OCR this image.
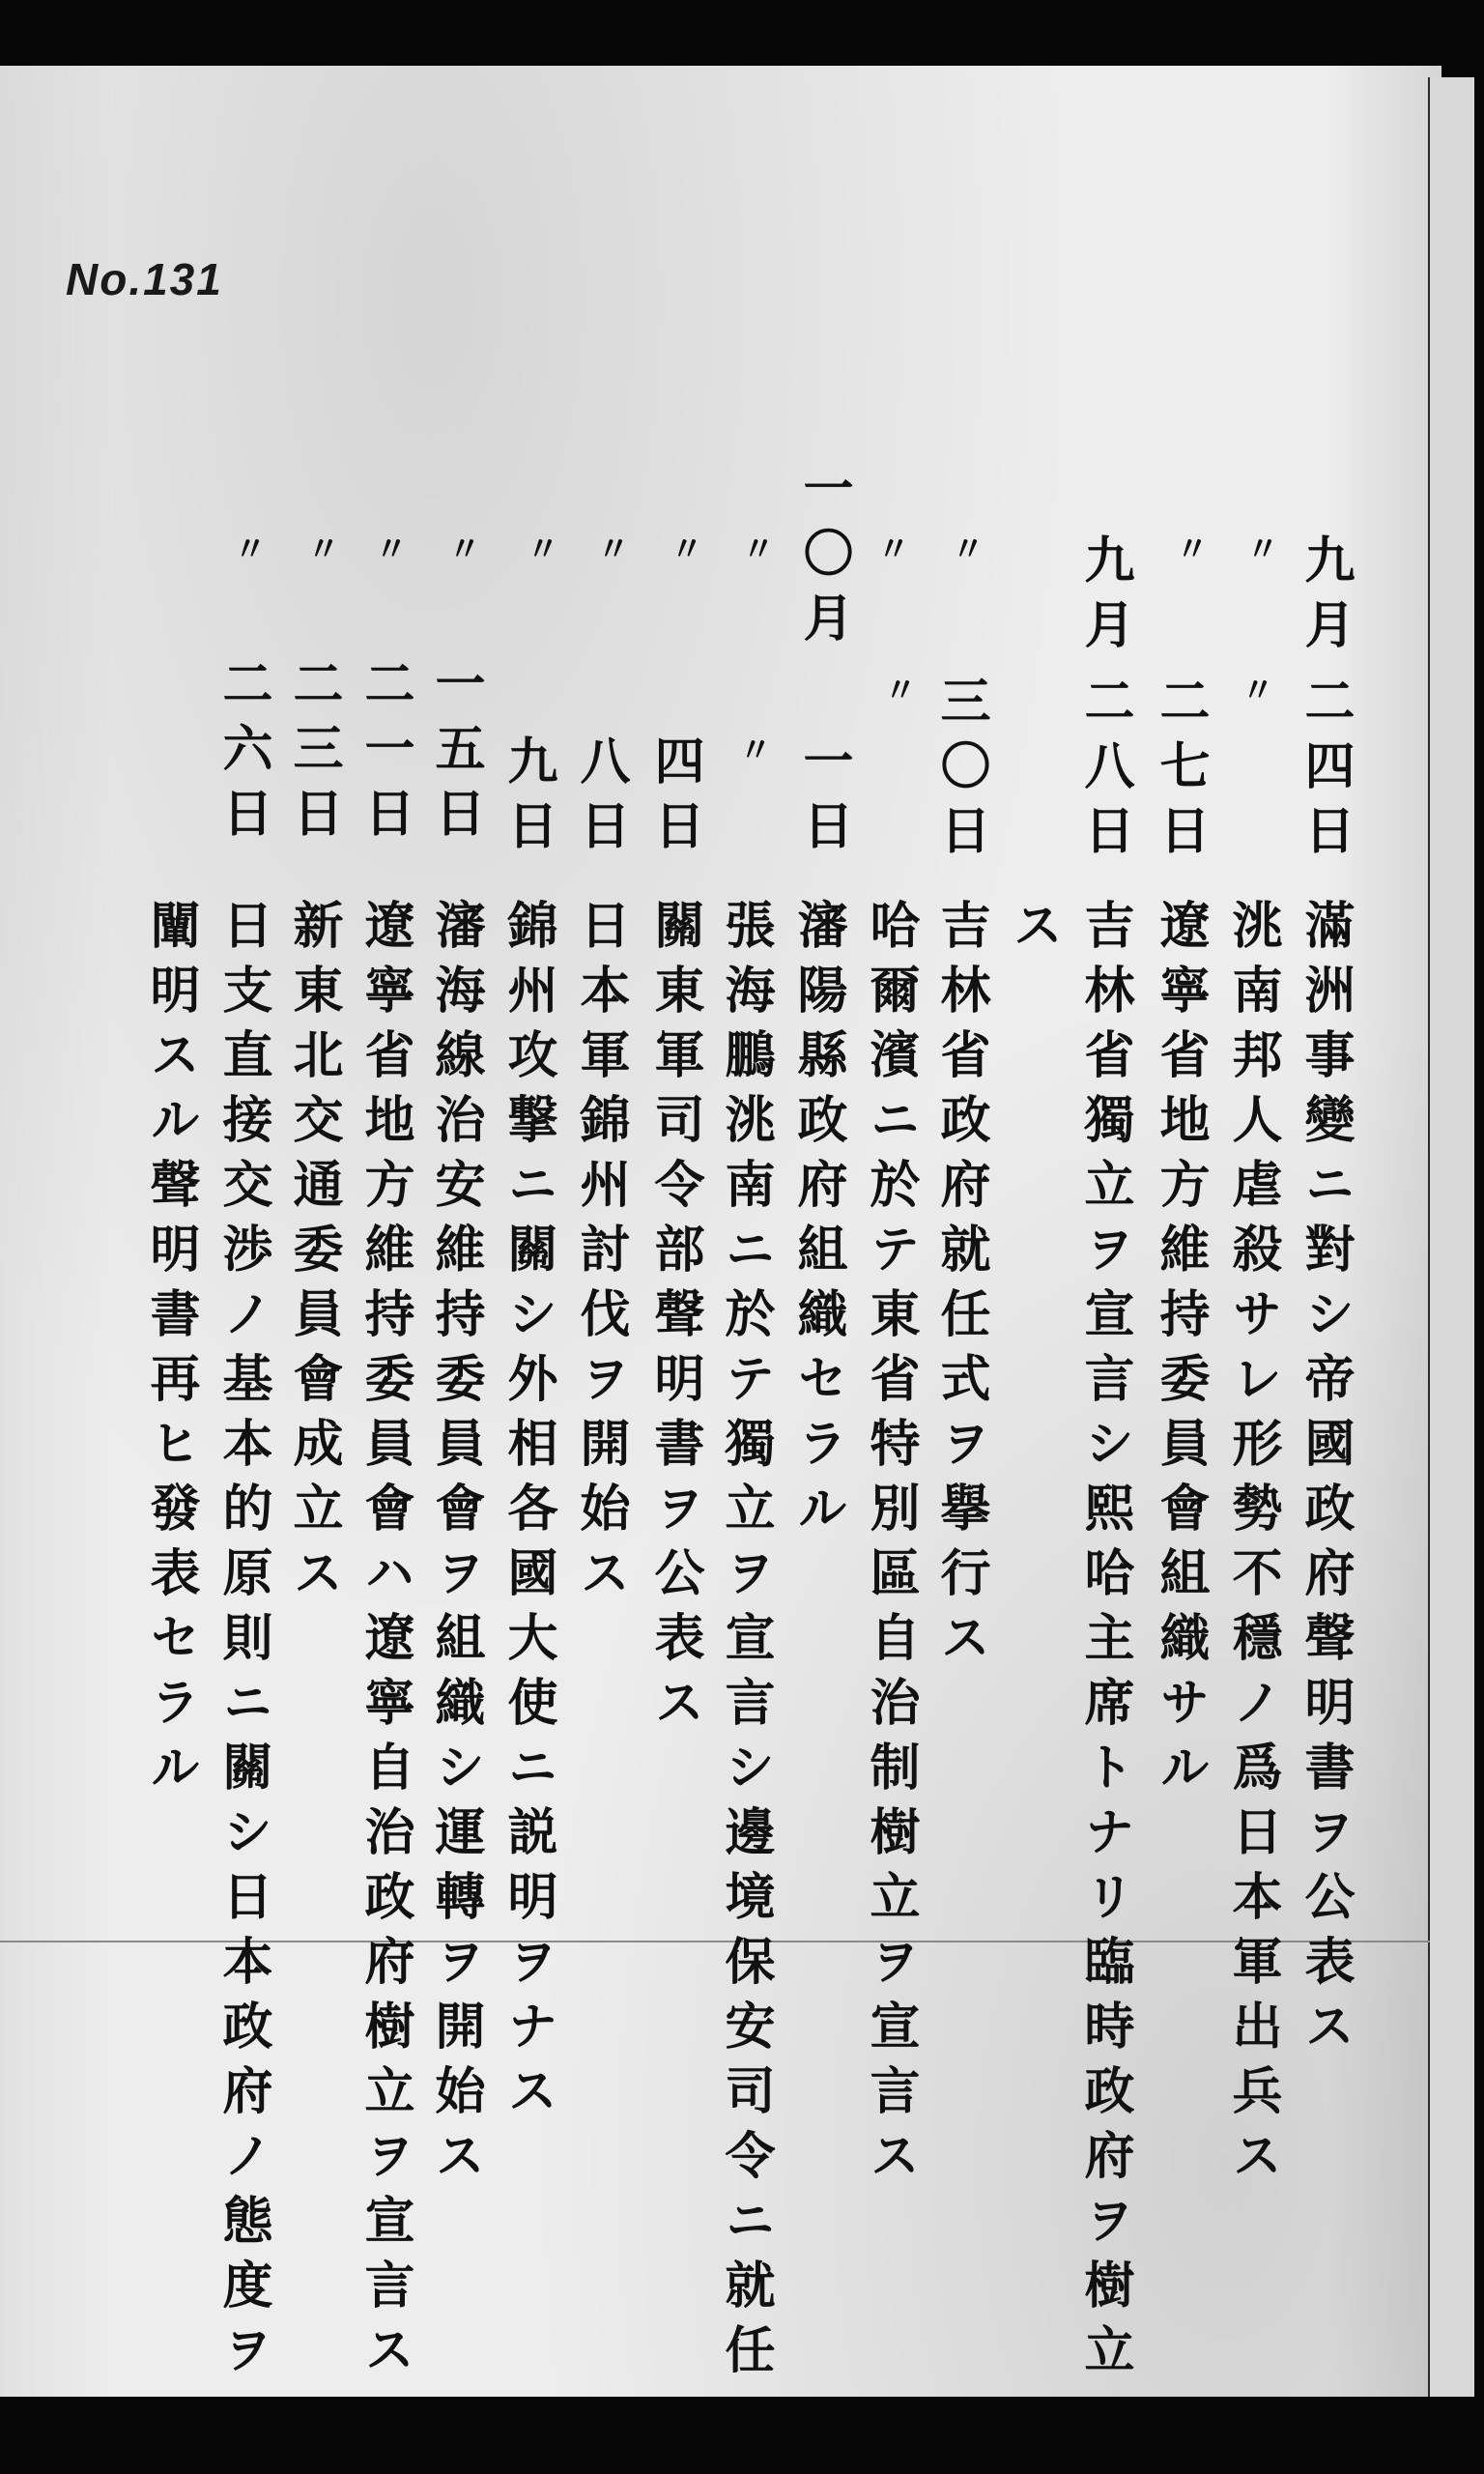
No.131
九月
九月
一〇月	〃
〃
〃
〃
〃
〃
〃
〃
〃
〃
〃
〃
〃
〃
〃	二四日
二七日
二八日
三〇日
一日
四日
八日
九日
一五日
二一日
二三日
二六日
滿洲事變ニ對シ帝國政府聲明書ヲ公表ス
洮南邦人虐殺サレ形勢不穩ノ爲日本軍出兵ス
遼寧省地方維持委員會組織サル
吉林省獨立ヲ宣言シ熙哈主席トナリ臨時政府ヲ樹立
ス
吉林省政府就任式ヲ擧行ス
哈爾濱ニ於テ東省特別區自治制樹立ヲ宣言ス
瀋陽縣政府組織セラル
張海鵬洮南ニ於テ獨立ヲ宣言シ邊境保安司令ニ就任
關東軍司令部聲明書ヲ公表ス
日本軍錦州討伐ヲ開始ス
錦州攻撃ニ關シ外相各國大使ニ説明ヲナス
瀋海線治安維持委員會ヲ組織シ運轉ヲ開始ス
遼寧省地方維持委員會ハ遼寧自治政府樹立ヲ宣言ス
新東北交通委員會成立ス
日支直接交渉ノ基本的原則ニ關シ日本政府ノ態度ヲ
闡明スル聲明書再ヒ發表セラル
